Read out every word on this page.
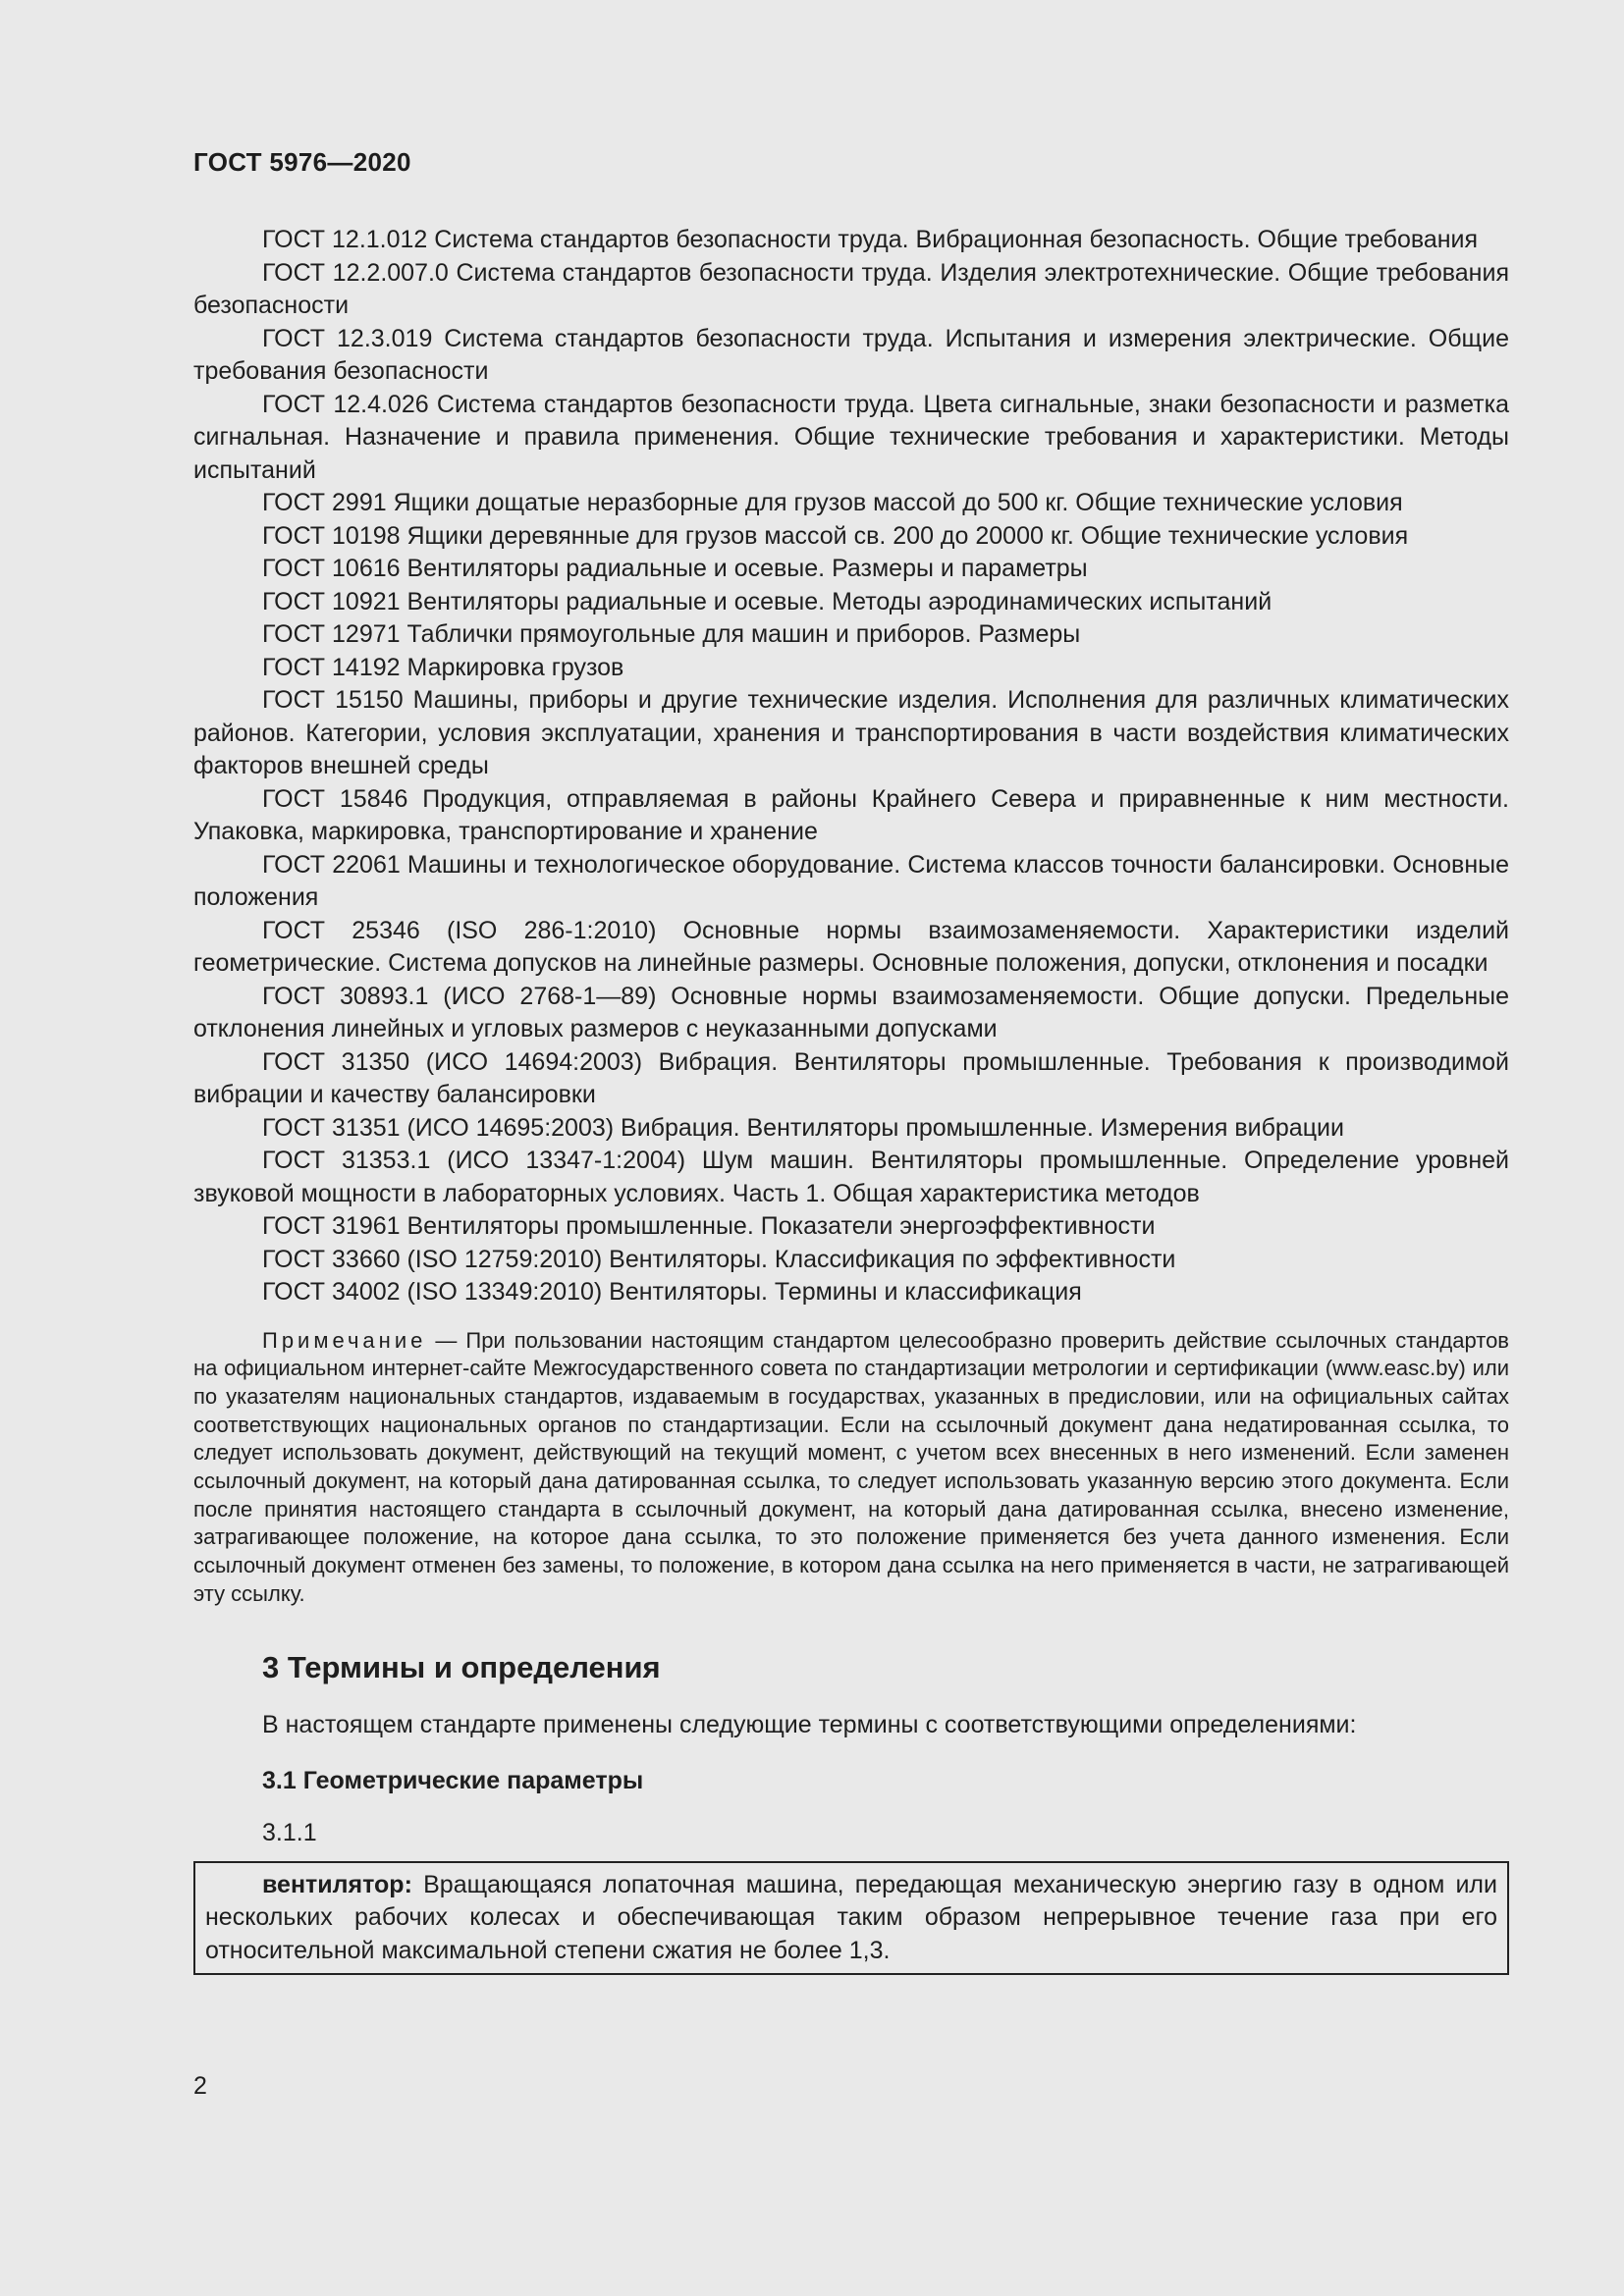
ГОСТ 5976—2020

ГОСТ 12.1.012 Система стандартов безопасности труда. Вибрационная безопасность. Общие требования

ГОСТ 12.2.007.0 Система стандартов безопасности труда. Изделия электротехнические. Общие требования безопасности

ГОСТ 12.3.019 Система стандартов безопасности труда. Испытания и измерения электрические. Общие требования безопасности

ГОСТ 12.4.026 Система стандартов безопасности труда. Цвета сигнальные, знаки безопасности и разметка сигнальная. Назначение и правила применения. Общие технические требования и характеристики. Методы испытаний

ГОСТ 2991 Ящики дощатые неразборные для грузов массой до 500 кг. Общие технические условия

ГОСТ 10198 Ящики деревянные для грузов массой св. 200 до 20000 кг. Общие технические условия

ГОСТ 10616 Вентиляторы радиальные и осевые. Размеры и параметры

ГОСТ 10921 Вентиляторы радиальные и осевые. Методы аэродинамических испытаний

ГОСТ 12971 Таблички прямоугольные для машин и приборов. Размеры

ГОСТ 14192 Маркировка грузов

ГОСТ 15150 Машины, приборы и другие технические изделия. Исполнения для различных климатических районов. Категории, условия эксплуатации, хранения и транспортирования в части воздействия климатических факторов внешней среды

ГОСТ 15846 Продукция, отправляемая в районы Крайнего Севера и приравненные к ним местности. Упаковка, маркировка, транспортирование и хранение

ГОСТ 22061 Машины и технологическое оборудование. Система классов точности балансировки. Основные положения

ГОСТ 25346 (ISO 286-1:2010) Основные нормы взаимозаменяемости. Характеристики изделий геометрические. Система допусков на линейные размеры. Основные положения, допуски, отклонения и посадки

ГОСТ 30893.1 (ИСО 2768-1—89) Основные нормы взаимозаменяемости. Общие допуски. Предельные отклонения линейных и угловых размеров с неуказанными допусками

ГОСТ 31350 (ИСО 14694:2003) Вибрация. Вентиляторы промышленные. Требования к производимой вибрации и качеству балансировки

ГОСТ 31351 (ИСО 14695:2003) Вибрация. Вентиляторы промышленные. Измерения вибрации

ГОСТ 31353.1 (ИСО 13347-1:2004) Шум машин. Вентиляторы промышленные. Определение уровней звуковой мощности в лабораторных условиях. Часть 1. Общая характеристика методов

ГОСТ 31961 Вентиляторы промышленные. Показатели энергоэффективности

ГОСТ 33660 (ISO 12759:2010) Вентиляторы. Классификация по эффективности

ГОСТ 34002 (ISO 13349:2010) Вентиляторы. Термины и классификация

Примечание — При пользовании настоящим стандартом целесообразно проверить действие ссылочных стандартов на официальном интернет-сайте Межгосударственного совета по стандартизации метрологии и сертификации (www.easc.by) или по указателям национальных стандартов, издаваемым в государствах, указанных в предисловии, или на официальных сайтах соответствующих национальных органов по стандартизации. Если на ссылочный документ дана недатированная ссылка, то следует использовать документ, действующий на текущий момент, с учетом всех внесенных в него изменений. Если заменен ссылочный документ, на который дана датированная ссылка, то следует использовать указанную версию этого документа. Если после принятия настоящего стандарта в ссылочный документ, на который дана датированная ссылка, внесено изменение, затрагивающее положение, на которое дана ссылка, то это положение применяется без учета данного изменения. Если ссылочный документ отменен без замены, то положение, в котором дана ссылка на него применяется в части, не затрагивающей эту ссылку.

3 Термины и определения

В настоящем стандарте применены следующие термины с соответствующими определениями:

3.1 Геометрические параметры

3.1.1

вентилятор: Вращающаяся лопаточная машина, передающая механическую энергию газу в одном или нескольких рабочих колесах и обеспечивающая таким образом непрерывное течение газа при его относительной максимальной степени сжатия не более 1,3.

2
